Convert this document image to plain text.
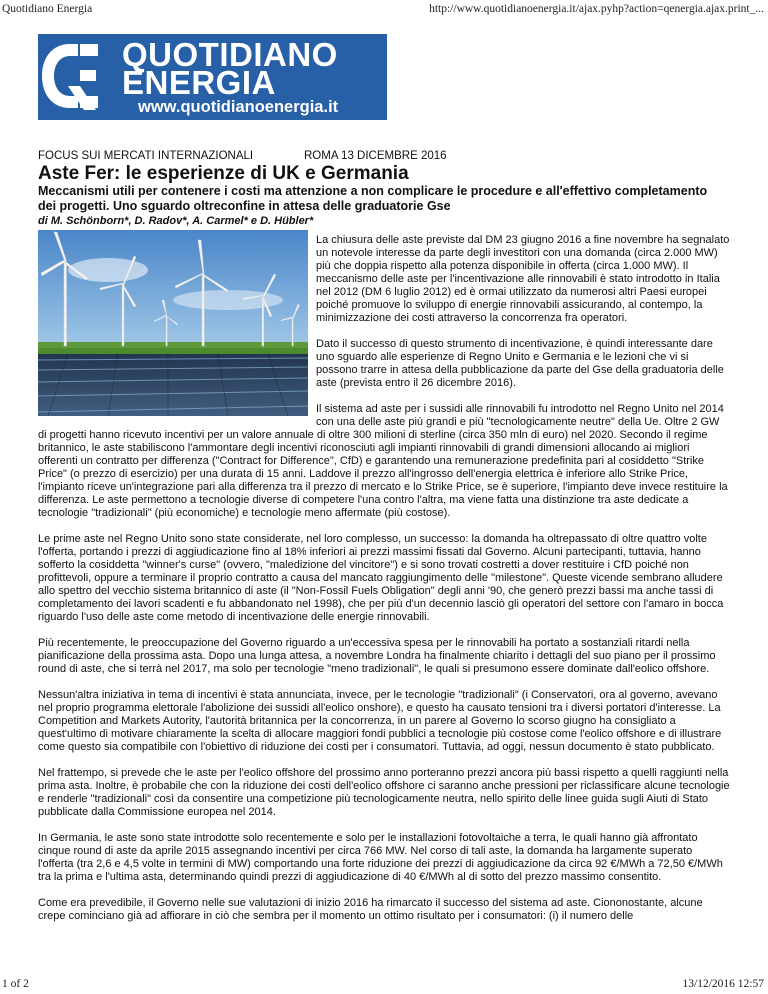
Quotidiano Energia	http://www.quotidianoenergia.it/ajax.pyhp?action=qenergia.ajax.print_...
QUOTIDIANO
ENERGIA
www.quotidianoenergia.it
FOCUS SUI MERCATI INTERNAZIONALI	ROMA 13 DICEMBRE 2016
Aste Fer: le esperienze di UK e Germania
Meccanismi utili per contenere i costi ma attenzione a non complicare le procedure e all'effettivo completamento dei progetti. Uno sguardo oltreconfine in attesa delle graduatorie Gse
di M. Schönborn*, D. Radov*, A. Carmel* e D. Hübler*

La chiusura delle aste previste dal DM 23 giugno 2016 a fine novembre ha segnalato un notevole interesse da parte degli investitori con una domanda (circa 2.000 MW) più che doppia rispetto alla potenza disponibile in offerta (circa 1.000 MW). Il meccanismo delle aste per l'incentivazione alle rinnovabili è stato introdotto in Italia nel 2012 (DM 6 luglio 2012) ed è ormai utilizzato da numerosi altri Paesi europei poiché promuove lo sviluppo di energie rinnovabili assicurando, al contempo, la minimizzazione dei costi attraverso la concorrenza fra operatori.

Dato il successo di questo strumento di incentivazione, è quindi interessante dare uno sguardo alle esperienze di Regno Unito e Germania e le lezioni che vi si possono trarre in attesa della pubblicazione da parte del Gse della graduatoria delle aste (prevista entro il 26 dicembre 2016).

Il sistema ad aste per i sussidi alle rinnovabili fu introdotto nel Regno Unito nel 2014 con una delle aste più grandi e più "tecnologicamente neutre" della Ue. Oltre 2 GW di progetti hanno ricevuto incentivi per un valore annuale di oltre 300 milioni di sterline (circa 350 mln di euro) nel 2020. Secondo il regime britannico, le aste stabiliscono l'ammontare degli incentivi riconosciuti agli impianti rinnovabili di grandi dimensioni allocando ai migliori offerenti un contratto per differenza ("Contract for Difference", CfD) e garantendo una remunerazione predefinita pari al cosiddetto "Strike Price" (o prezzo di esercizio) per una durata di 15 anni. Laddove il prezzo all'ingrosso dell'energia elettrica è inferiore allo Strike Price, l'impianto riceve un'integrazione pari alla differenza tra il prezzo di mercato e lo Strike Price, se è superiore, l'impianto deve invece restituire la differenza. Le aste permettono a tecnologie diverse di competere l'una contro l'altra, ma viene fatta una distinzione tra aste dedicate a tecnologie "tradizionali" (più economiche) e tecnologie meno affermate (più costose).

Le prime aste nel Regno Unito sono state considerate, nel loro complesso, un successo: la domanda ha oltrepassato di oltre quattro volte l'offerta, portando i prezzi di aggiudicazione fino al 18% inferiori ai prezzi massimi fissati dal Governo. Alcuni partecipanti, tuttavia, hanno sofferto la cosiddetta "winner's curse" (ovvero, "maledizione del vincitore") e si sono trovati costretti a dover restituire i CfD poiché non profittevoli, oppure a terminare il proprio contratto a causa del mancato raggiungimento delle "milestone". Queste vicende sembrano alludere allo spettro del vecchio sistema britannico di aste (il "Non-Fossil Fuels Obligation" degli anni '90, che generò prezzi bassi ma anche tassi di completamento dei lavori scadenti e fu abbandonato nel 1998), che per più d'un decennio lasciò gli operatori del settore con l'amaro in bocca riguardo l'uso delle aste come metodo di incentivazione delle energie rinnovabili.

Più recentemente, le preoccupazione del Governo riguardo a un'eccessiva spesa per le rinnovabili ha portato a sostanziali ritardi nella pianificazione della prossima asta. Dopo una lunga attesa, a novembre Londra ha finalmente chiarito i dettagli del suo piano per il prossimo round di aste, che si terrà nel 2017, ma solo per tecnologie "meno tradizionali", le quali si presumono essere dominate dall'eolico offshore.

Nessun'altra iniziativa in tema di incentivi è stata annunciata, invece, per le tecnologie "tradizionali" (i Conservatori, ora al governo, avevano nel proprio programma elettorale l'abolizione dei sussidi all'eolico onshore), e questo ha causato tensioni tra i diversi portatori d'interesse. La Competition and Markets Autority, l'autorità britannica per la concorrenza, in un parere al Governo lo scorso giugno ha consigliato a quest'ultimo di motivare chiaramente la scelta di allocare maggiori fondi pubblici a tecnologie più costose come l'eolico offshore e di illustrare come questo sia compatibile con l'obiettivo di riduzione dei costi per i consumatori. Tuttavia, ad oggi, nessun documento è stato pubblicato.

Nel frattempo, si prevede che le aste per l'eolico offshore del prossimo anno porteranno prezzi ancora più bassi rispetto a quelli raggiunti nella prima asta. Inoltre, è probabile che con la riduzione dei costi dell'eolico offshore ci saranno anche pressioni per riclassificare alcune tecnologie e renderle "tradizionali" così da consentire una competizione più tecnologicamente neutra, nello spirito delle linee guida sugli Aiuti di Stato pubblicate dalla Commissione europea nel 2014.

In Germania, le aste sono state introdotte solo recentemente e solo per le installazioni fotovoltaiche a terra, le quali hanno già affrontato cinque round di aste da aprile 2015 assegnando incentivi per circa 766 MW. Nel corso di tali aste, la domanda ha largamente superato l'offerta (tra 2,6 e 4,5 volte in termini di MW) comportando una forte riduzione dei prezzi di aggiudicazione da circa 92 €/MWh a 72,50 €/MWh tra la prima e l'ultima asta, determinando quindi prezzi di aggiudicazione di 40 €/MWh al di sotto del prezzo massimo consentito.

Come era prevedibile, il Governo nelle sue valutazioni di inizio 2016 ha rimarcato il successo del sistema ad aste. Ciononostante, alcune crepe cominciano già ad affiorare in ciò che sembra per il momento un ottimo risultato per i consumatori: (i) il numero delle

1 of 2	13/12/2016 12:57
